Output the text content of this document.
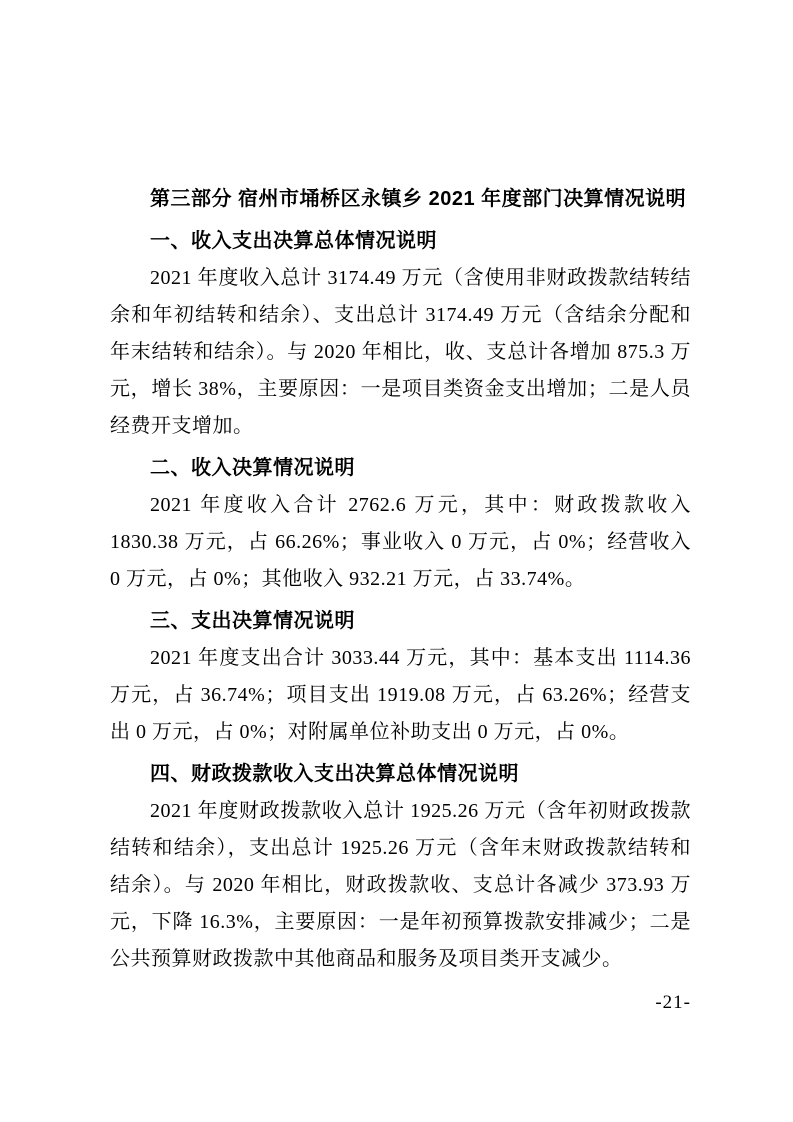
第三部分 宿州市埇桥区永镇乡 2021 年度部门决算情况说明
一、收入支出决算总体情况说明

2021 年度收入总计 3174.49 万元（含使用非财政拨款结转结余和年初结转和结余）、支出总计 3174.49 万元（含结余分配和年末结转和结余）。与 2020 年相比，收、支总计各增加 875.3 万元，增长 38%，主要原因：一是项目类资金支出增加；二是人员经费开支增加。

二、收入决算情况说明

2021 年度收入合计 2762.6 万元，其中：财政拨款收入 1830.38 万元，占 66.26%；事业收入 0 万元，占 0%；经营收入 0 万元，占 0%；其他收入 932.21 万元，占 33.74%。

三、支出决算情况说明

2021 年度支出合计 3033.44 万元，其中：基本支出 1114.36 万元，占 36.74%；项目支出 1919.08 万元，占 63.26%；经营支出 0 万元，占 0%；对附属单位补助支出 0 万元，占 0%。

四、财政拨款收入支出决算总体情况说明

2021 年度财政拨款收入总计 1925.26 万元（含年初财政拨款结转和结余），支出总计 1925.26 万元（含年末财政拨款结转和结余）。与 2020 年相比，财政拨款收、支总计各减少 373.93 万元，下降 16.3%，主要原因：一是年初预算拨款安排减少；二是公共预算财政拨款中其他商品和服务及项目类开支减少。

-21-
